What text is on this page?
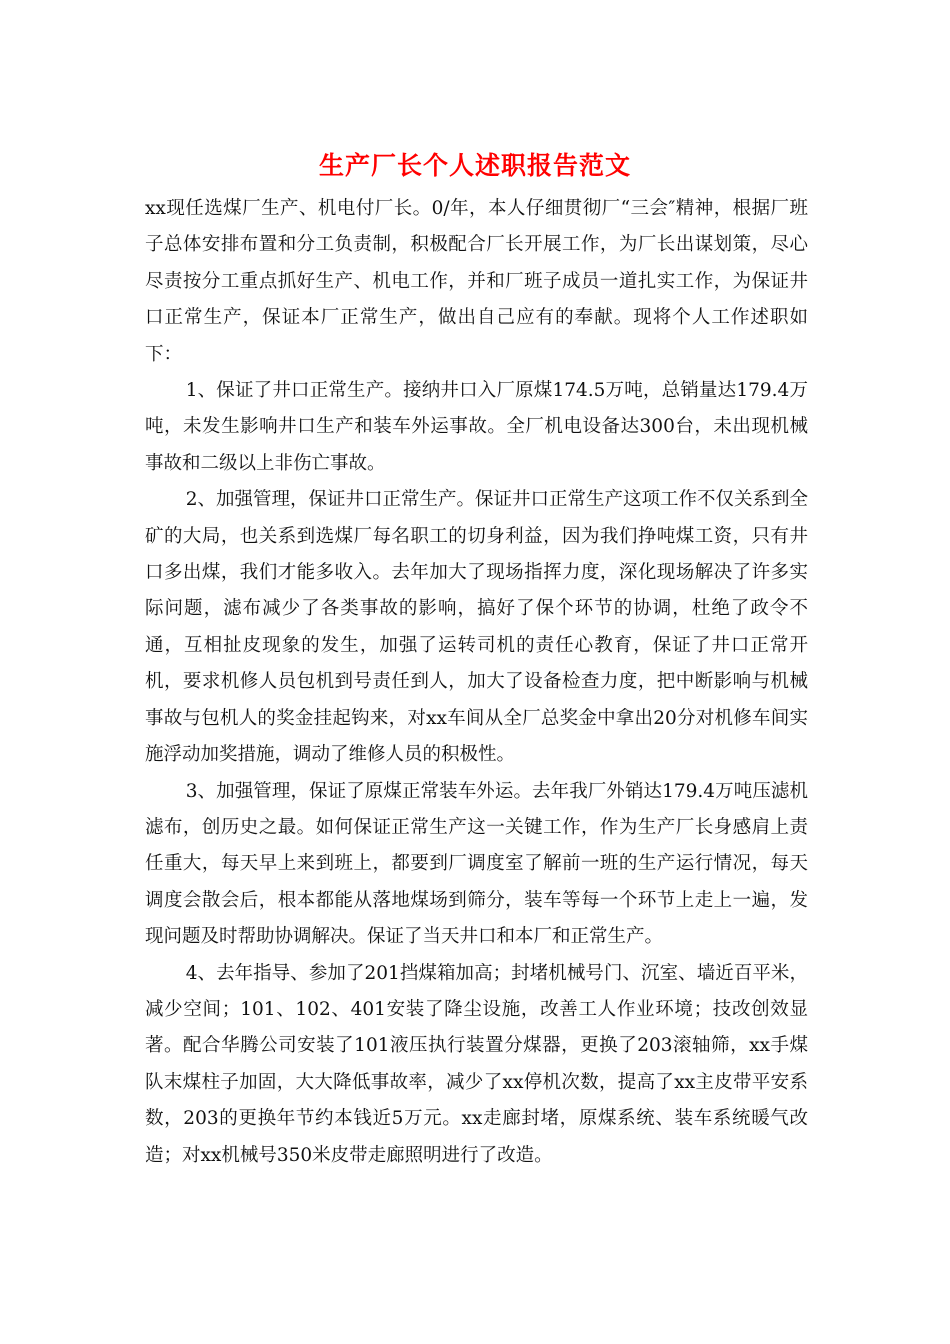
生产厂长个人述职报告范文

xx现任选煤厂生产、机电付厂长。0/年，本人仔细贯彻厂“三会″精神，根据厂班子总体安排布置和分工负责制，积极配合厂长开展工作，为厂长出谋划策，尽心尽责按分工重点抓好生产、机电工作，并和厂班子成员一道扎实工作，为保证井口正常生产，保证本厂正常生产，做出自己应有的奉献。现将个人工作述职如下：

1、保证了井口正常生产。接纳井口入厂原煤174.5万吨，总销量达179.4万吨，未发生影响井口生产和装车外运事故。全厂机电设备达300台，未出现机械事故和二级以上非伤亡事故。

2、加强管理，保证井口正常生产。保证井口正常生产这项工作不仅关系到全矿的大局，也关系到选煤厂每名职工的切身利益，因为我们挣吨煤工资，只有井口多出煤，我们才能多收入。去年加大了现场指挥力度，深化现场解决了许多实际问题，滤布减少了各类事故的影响，搞好了保个环节的协调，杜绝了政令不通，互相扯皮现象的发生，加强了运转司机的责任心教育，保证了井口正常开机，要求机修人员包机到号责任到人，加大了设备检查力度，把中断影响与机械事故与包机人的奖金挂起钩来，对xx车间从全厂总奖金中拿出20分对机修车间实施浮动加奖措施，调动了维修人员的积极性。

3、加强管理，保证了原煤正常装车外运。去年我厂外销达179.4万吨压滤机滤布，创历史之最。如何保证正常生产这一关键工作，作为生产厂长身感肩上责任重大，每天早上来到班上，都要到厂调度室了解前一班的生产运行情况，每天调度会散会后，根本都能从落地煤场到筛分，装车等每一个环节上走上一遍，发现问题及时帮助协调解决。保证了当天井口和本厂和正常生产。

4、去年指导、参加了201挡煤箱加高；封堵机械号门、沉室、墙近百平米，减少空间；101、102、401安装了降尘设施，改善工人作业环境；技改创效显著。配合华腾公司安装了101液压执行装置分煤器，更换了203滚轴筛，xx手煤队末煤柱子加固，大大降低事故率，减少了xx停机次数，提高了xx主皮带平安系数，203的更换年节约本钱近5万元。xx走廊封堵，原煤系统、装车系统暖气改造；对xx机械号350米皮带走廊照明进行了改造。
